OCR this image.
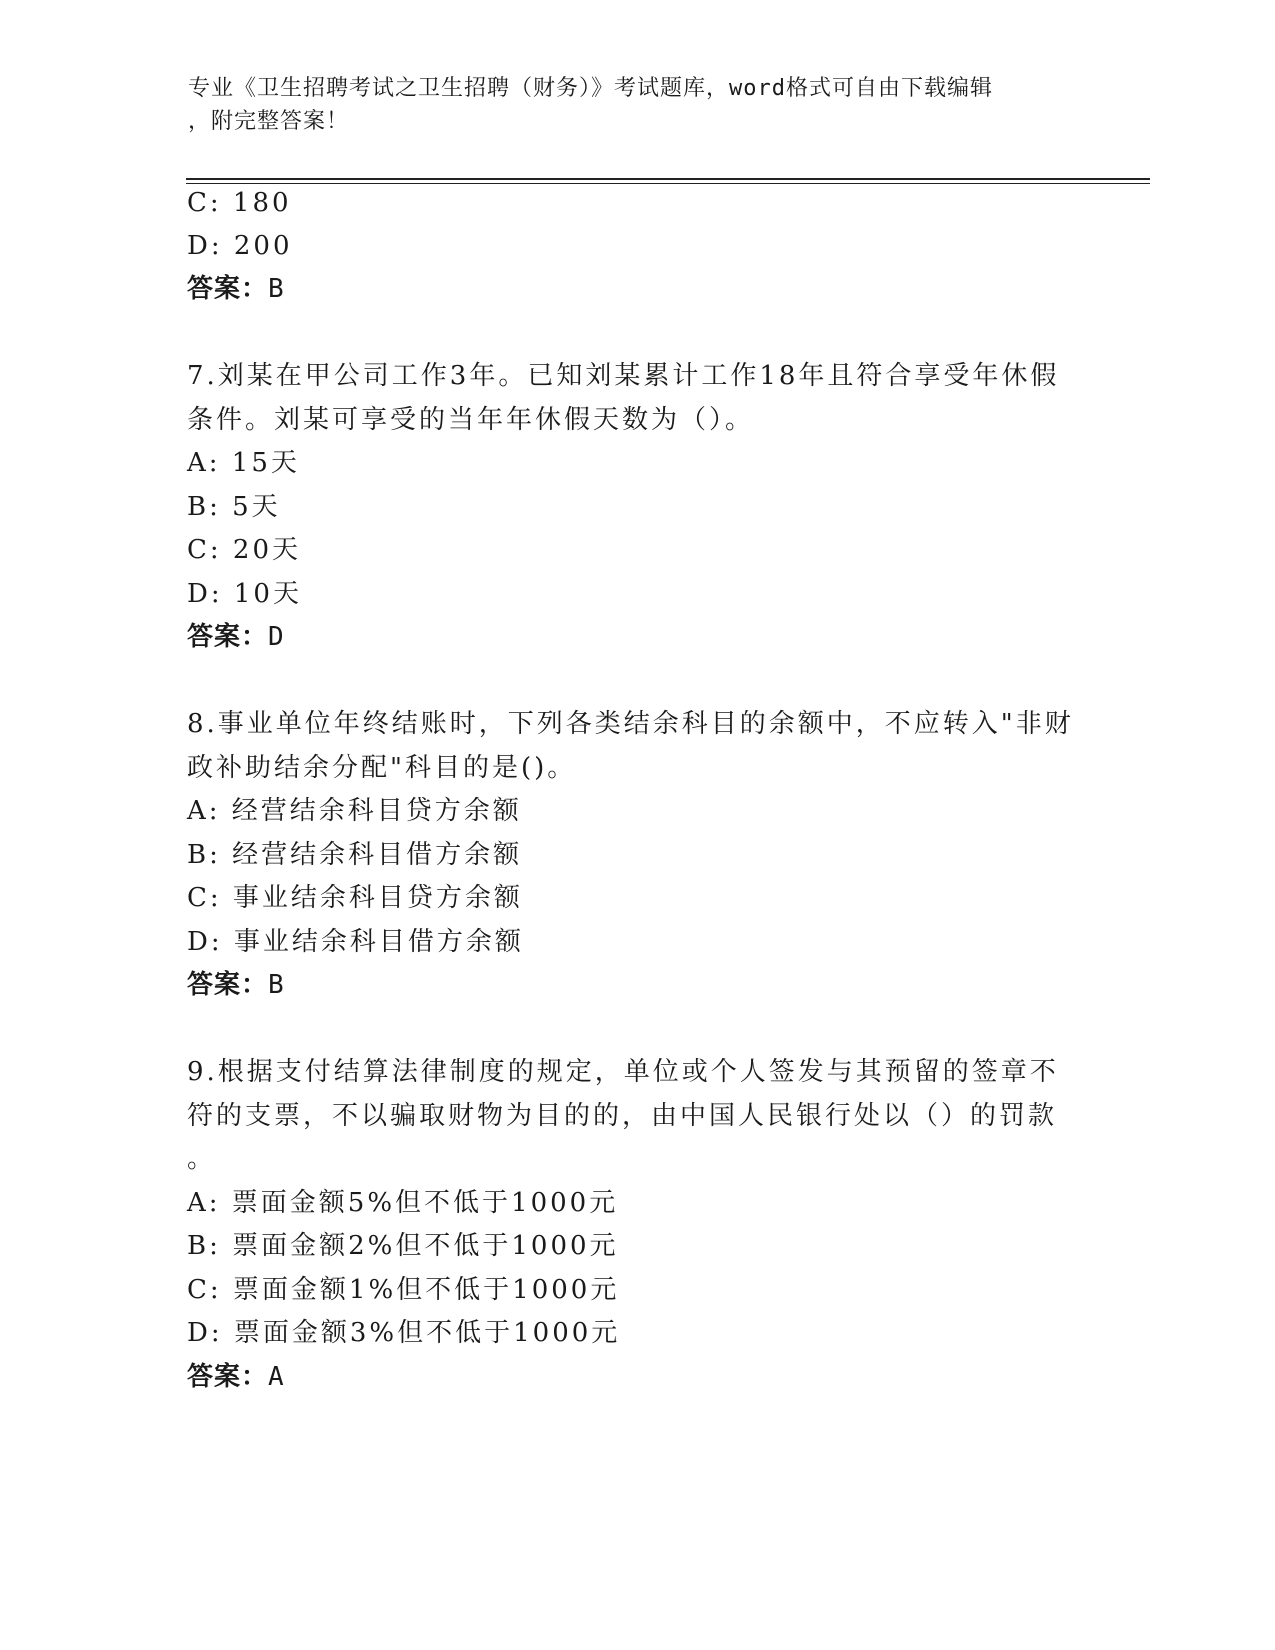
专业《卫生招聘考试之卫生招聘（财务）》考试题库，word格式可自由下载编辑
，附完整答案！
C: 180
D: 200
答案：B
7.刘某在甲公司工作3年。已知刘某累计工作18年且符合享受年休假
条件。刘某可享受的当年年休假天数为（）。
A: 15天
B: 5天
C: 20天
D: 10天
答案：D
8.事业单位年终结账时，下列各类结余科目的余额中，不应转入"非财
政补助结余分配"科目的是()。
A: 经营结余科目贷方余额
B: 经营结余科目借方余额
C: 事业结余科目贷方余额
D: 事业结余科目借方余额
答案：B
9.根据支付结算法律制度的规定，单位或个人签发与其预留的签章不
符的支票，不以骗取财物为目的的，由中国人民银行处以（）的罚款
。
A: 票面金额5%但不低于1000元
B: 票面金额2%但不低于1000元
C: 票面金额1%但不低于1000元
D: 票面金额3%但不低于1000元
答案：A
